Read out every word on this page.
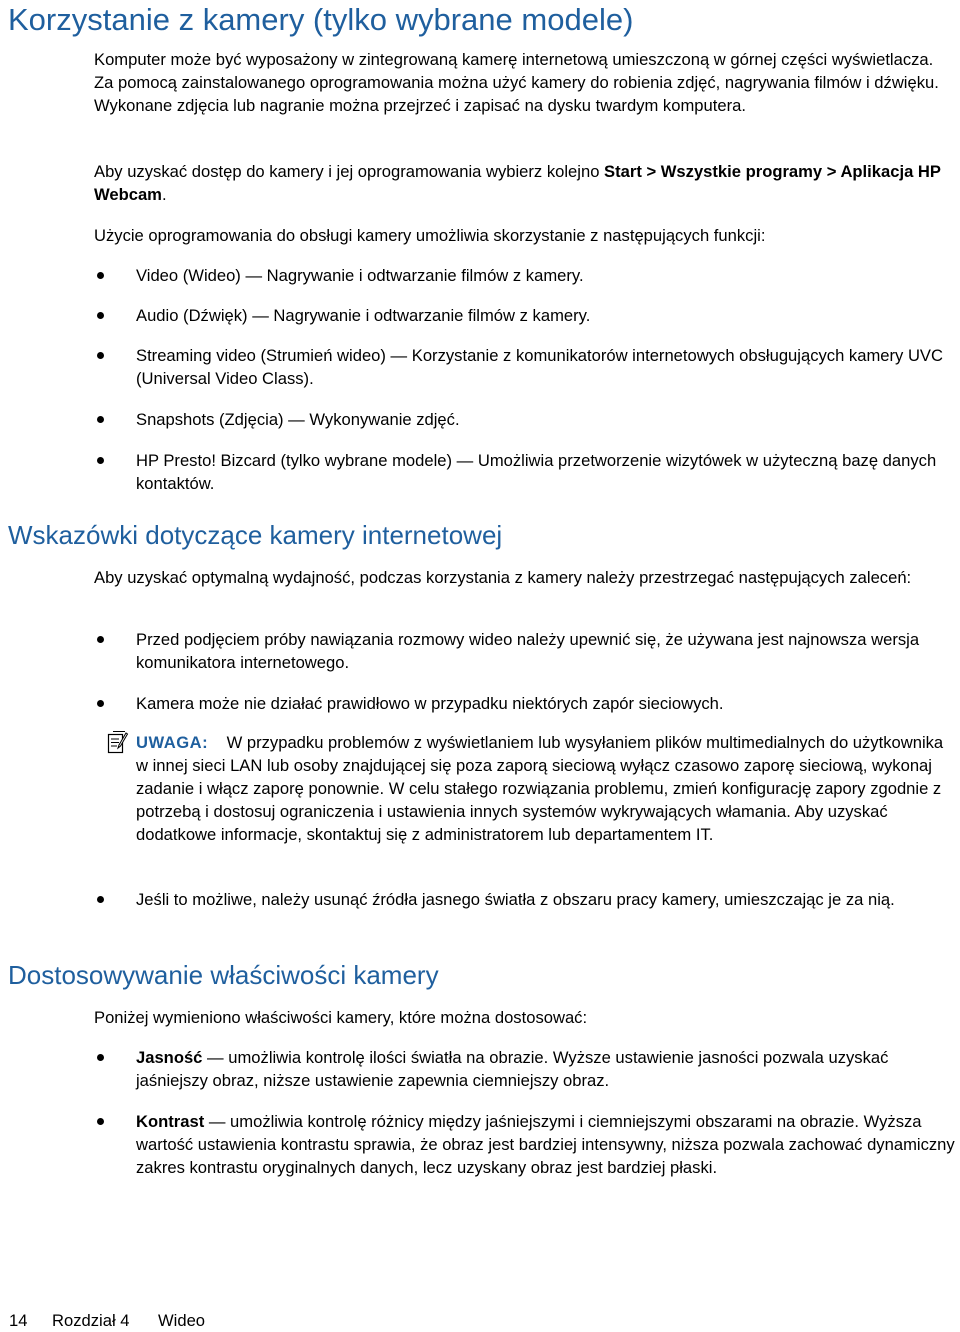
Korzystanie z kamery (tylko wybrane modele)

Komputer może być wyposażony w zintegrowaną kamerę internetową umieszczoną w górnej części wyświetlacza. Za pomocą zainstalowanego oprogramowania można użyć kamery do robienia zdjęć, nagrywania filmów i dźwięku. Wykonane zdjęcia lub nagranie można przejrzeć i zapisać na dysku twardym komputera.

Aby uzyskać dostęp do kamery i jej oprogramowania wybierz kolejno Start > Wszystkie programy > Aplikacja HP Webcam.

Użycie oprogramowania do obsługi kamery umożliwia skorzystanie z następujących funkcji:

Video (Wideo) — Nagrywanie i odtwarzanie filmów z kamery.

Audio (Dźwięk) — Nagrywanie i odtwarzanie filmów z kamery.

Streaming video (Strumień wideo) — Korzystanie z komunikatorów internetowych obsługujących kamery UVC (Universal Video Class).

Snapshots (Zdjęcia) — Wykonywanie zdjęć.

HP Presto! Bizcard (tylko wybrane modele) — Umożliwia przetworzenie wizytówek w użyteczną bazę danych kontaktów.

Wskazówki dotyczące kamery internetowej

Aby uzyskać optymalną wydajność, podczas korzystania z kamery należy przestrzegać następujących zaleceń:

Przed podjęciem próby nawiązania rozmowy wideo należy upewnić się, że używana jest najnowsza wersja komunikatora internetowego.

Kamera może nie działać prawidłowo w przypadku niektórych zapór sieciowych.

UWAGA: W przypadku problemów z wyświetlaniem lub wysyłaniem plików multimedialnych do użytkownika w innej sieci LAN lub osoby znajdującej się poza zaporą sieciową wyłącz czasowo zaporę sieciową, wykonaj zadanie i włącz zaporę ponownie. W celu stałego rozwiązania problemu, zmień konfigurację zapory zgodnie z potrzebą i dostosuj ograniczenia i ustawienia innych systemów wykrywających włamania. Aby uzyskać dodatkowe informacje, skontaktuj się z administratorem lub departamentem IT.

Jeśli to możliwe, należy usunąć źródła jasnego światła z obszaru pracy kamery, umieszczając je za nią.

Dostosowywanie właściwości kamery

Poniżej wymieniono właściwości kamery, które można dostosować:

Jasność — umożliwia kontrolę ilości światła na obrazie. Wyższe ustawienie jasności pozwala uzyskać jaśniejszy obraz, niższe ustawienie zapewnia ciemniejszy obraz.

Kontrast — umożliwia kontrolę różnicy między jaśniejszymi i ciemniejszymi obszarami na obrazie. Wyższa wartość ustawienia kontrastu sprawia, że obraz jest bardziej intensywny, niższa pozwala zachować dynamiczny zakres kontrastu oryginalnych danych, lecz uzyskany obraz jest bardziej płaski.

14 Rozdział 4 Wideo
